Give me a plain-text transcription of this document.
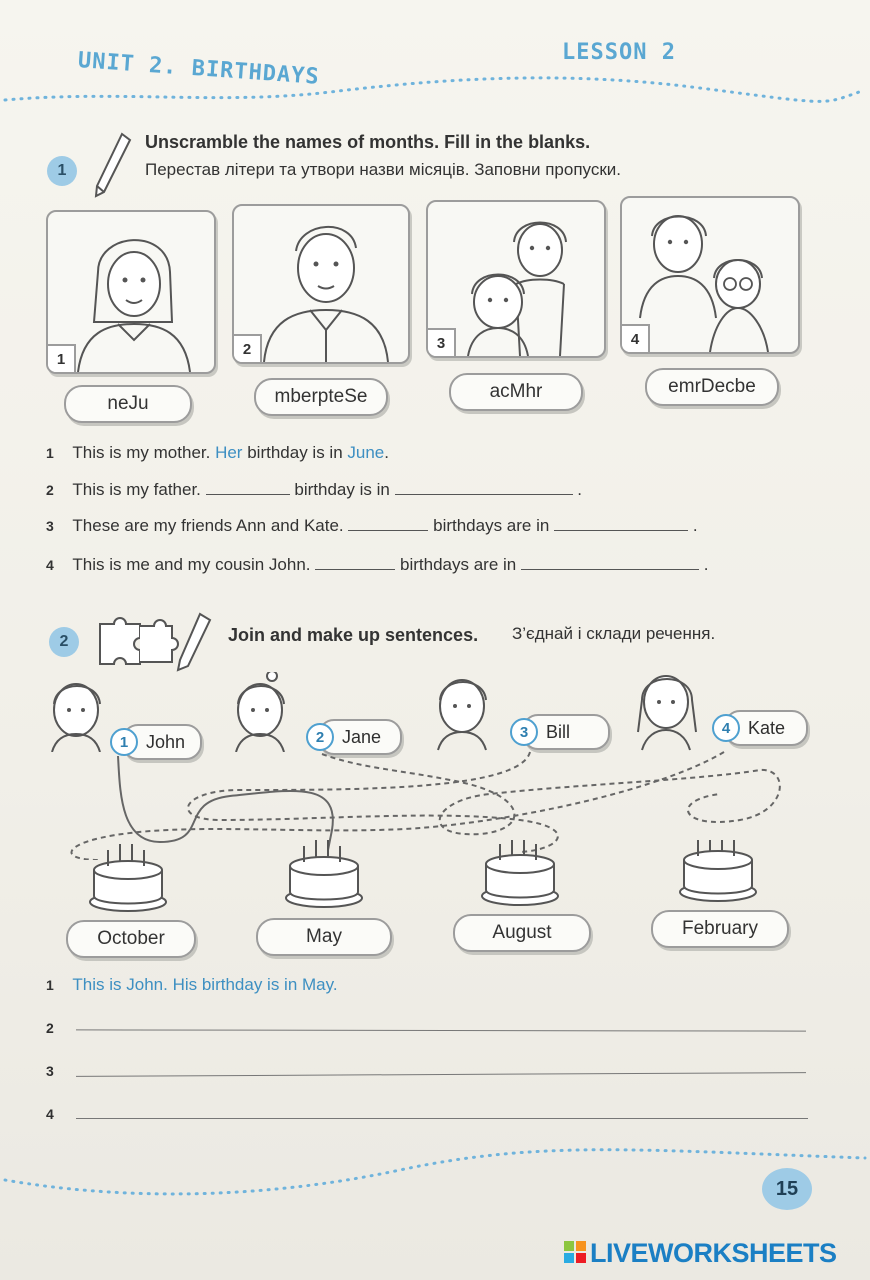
UNIT 2. BIRTHDAYS	LESSON 2
1
Unscramble the names of months. Fill in the blanks.
Перестав літери та утвори назви місяців. Заповни пропуски.
1
2	3	4
neJu	mberpteSe	acMhr	emrDecbe
1 This is my mother. Her birthday is in June.
2 This is my father.	birthday is in	.
3 These are my friends Ann and Kate.	birthdays are in	.
4 This is me and my cousin John.	birthdays are in	.
2	Join and make up sentences. З’єднай і склади речення.
1 John	2 Jane	3 Bill	4 Kate
October	May	August	February
1 This is John. His birthday is in May.
2
3
4
15
LIVEWORKSHEETS
